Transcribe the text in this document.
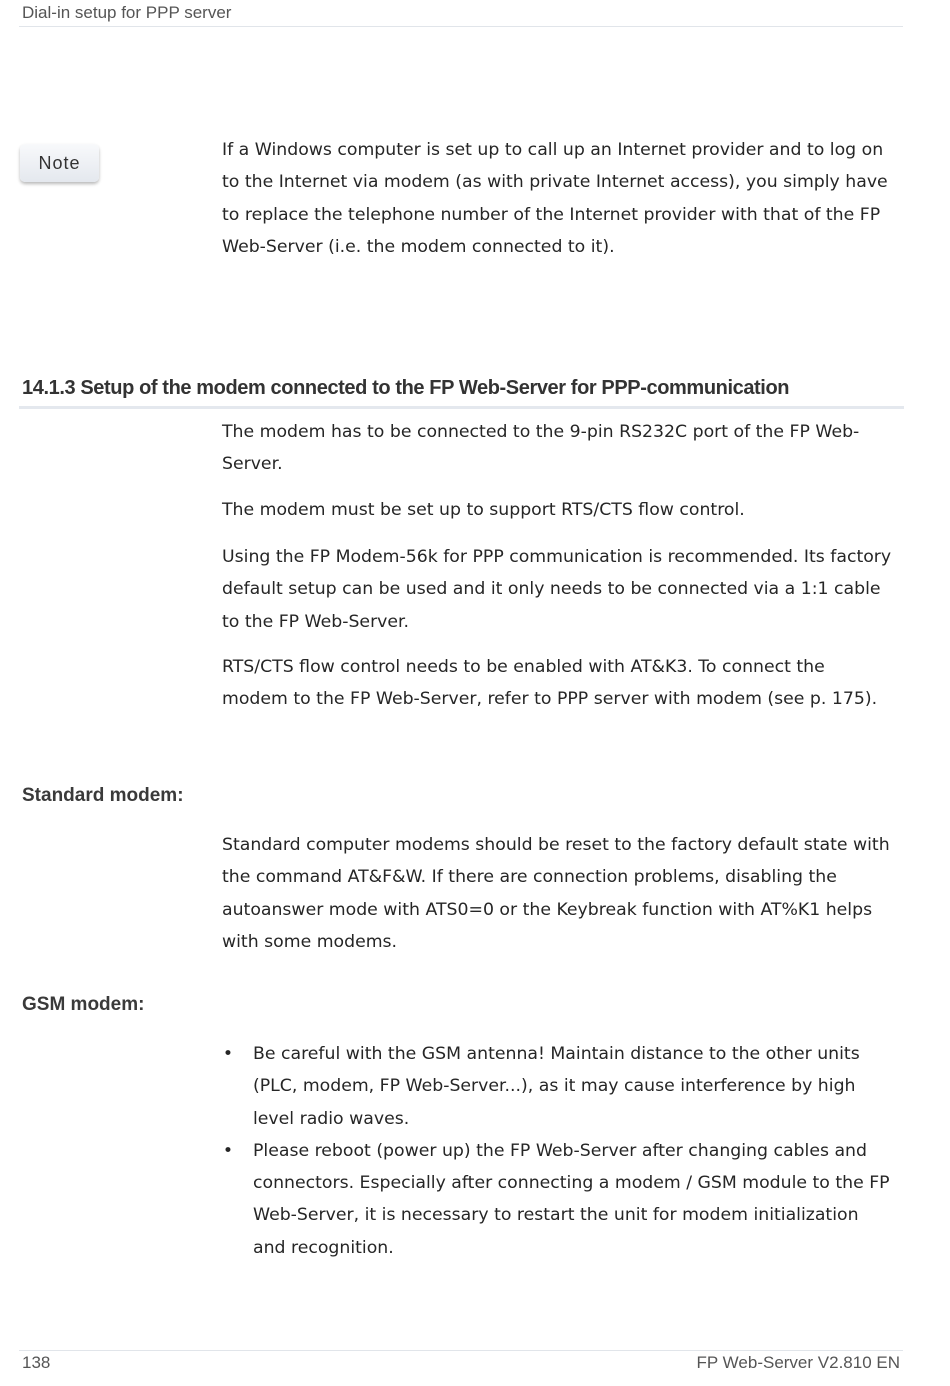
Dial-in setup for PPP server
Note

If a Windows computer is set up to call up an Internet provider and to log on to the Internet via modem (as with private Internet access), you simply have to replace the telephone number of the Internet provider with that of the FP Web-Server (i.e. the modem connected to it).

14.1.3 Setup of the modem connected to the FP Web-Server for PPP-communication

The modem has to be connected to the 9-pin RS232C port of the FP Web-Server.

The modem must be set up to support RTS/CTS flow control.

Using the FP Modem-56k for PPP communication is recommended. Its factory default setup can be used and it only needs to be connected via a 1:1 cable to the FP Web-Server.

RTS/CTS flow control needs to be enabled with AT&K3. To connect the modem to the FP Web-Server, refer to PPP server with modem (see p. 175).

Standard modem:

Standard computer modems should be reset to the factory default state with the command AT&F&W. If there are connection problems, disabling the autoanswer mode with ATS0=0 or the Keybreak function with AT%K1 helps with some modems.

GSM modem:
• Be careful with the GSM antenna! Maintain distance to the other units (PLC, modem, FP Web-Server...), as it may cause interference by high level radio waves.
• Please reboot (power up) the FP Web-Server after changing cables and connectors. Especially after connecting a modem / GSM module to the FP Web-Server, it is necessary to restart the unit for modem initialization and recognition.
138	FP Web-Server V2.810 EN
